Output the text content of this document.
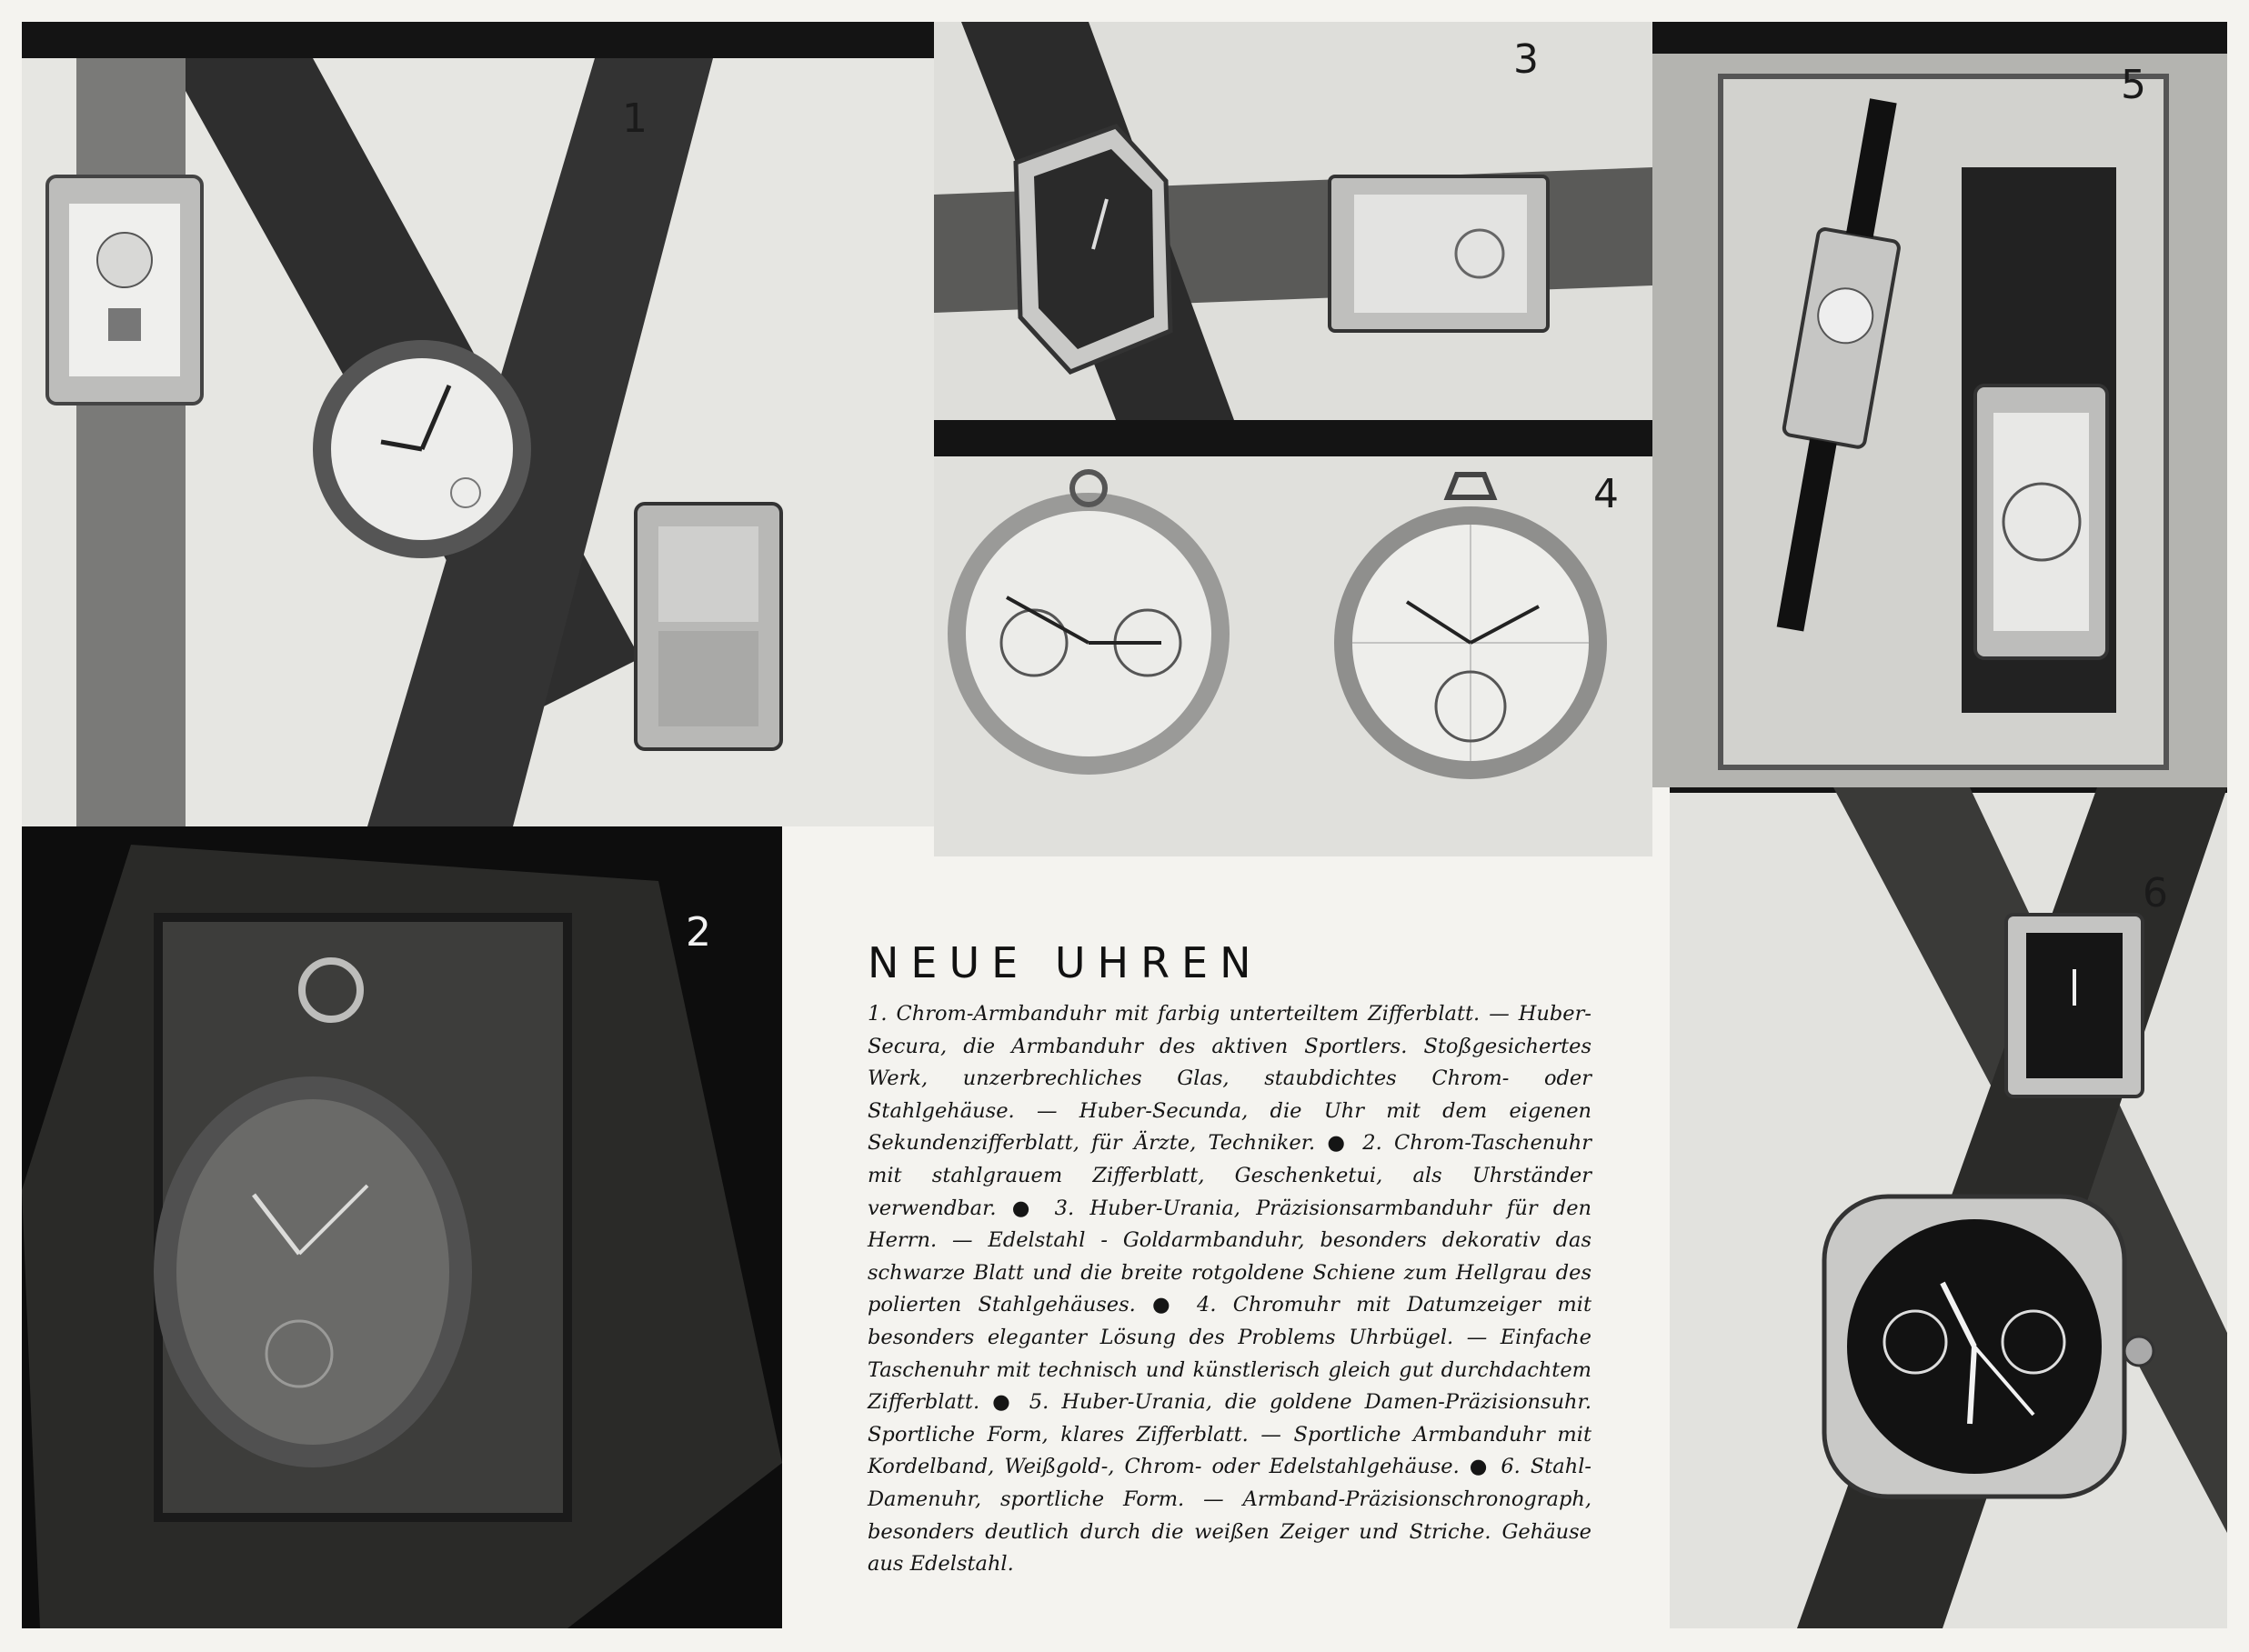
1
3
4
5
2
NEUE UHREN

1. Chrom-Armbanduhr mit farbig unterteiltem Zifferblatt. — Huber-Secura, die Armbanduhr des aktiven Sportlers. Stoßgesichertes Werk, unzerbrechliches Glas, staubdichtes Chrom- oder Stahlgehäuse. — Huber-Secunda, die Uhr mit dem eigenen Sekundenzifferblatt, für Ärzte, Techniker. ● 2. Chrom-Taschenuhr mit stahlgrauem Zifferblatt, Geschenketui, als Uhrständer verwendbar. ● 3. Huber-Urania, Präzisionsarmbanduhr für den Herrn. — Edelstahl - Goldarmbanduhr, besonders dekorativ das schwarze Blatt und die breite rotgoldene Schiene zum Hellgrau des polierten Stahlgehäuses. ● 4. Chromuhr mit Datumzeiger mit besonders eleganter Lösung des Problems Uhrbügel. — Einfache Taschenuhr mit technisch und künstlerisch gleich gut durchdachtem Zifferblatt. ● 5. Huber-Urania, die goldene Damen-Präzisionsuhr. Sportliche Form, klares Zifferblatt. — Sportliche Armbanduhr mit Kordelband, Weißgold-, Chrom- oder Edelstahlgehäuse. ● 6. Stahl-Damenuhr, sportliche Form. — Armband-Präzisionschronograph, besonders deutlich durch die weißen Zeiger und Striche. Gehäuse aus Edelstahl.

6
